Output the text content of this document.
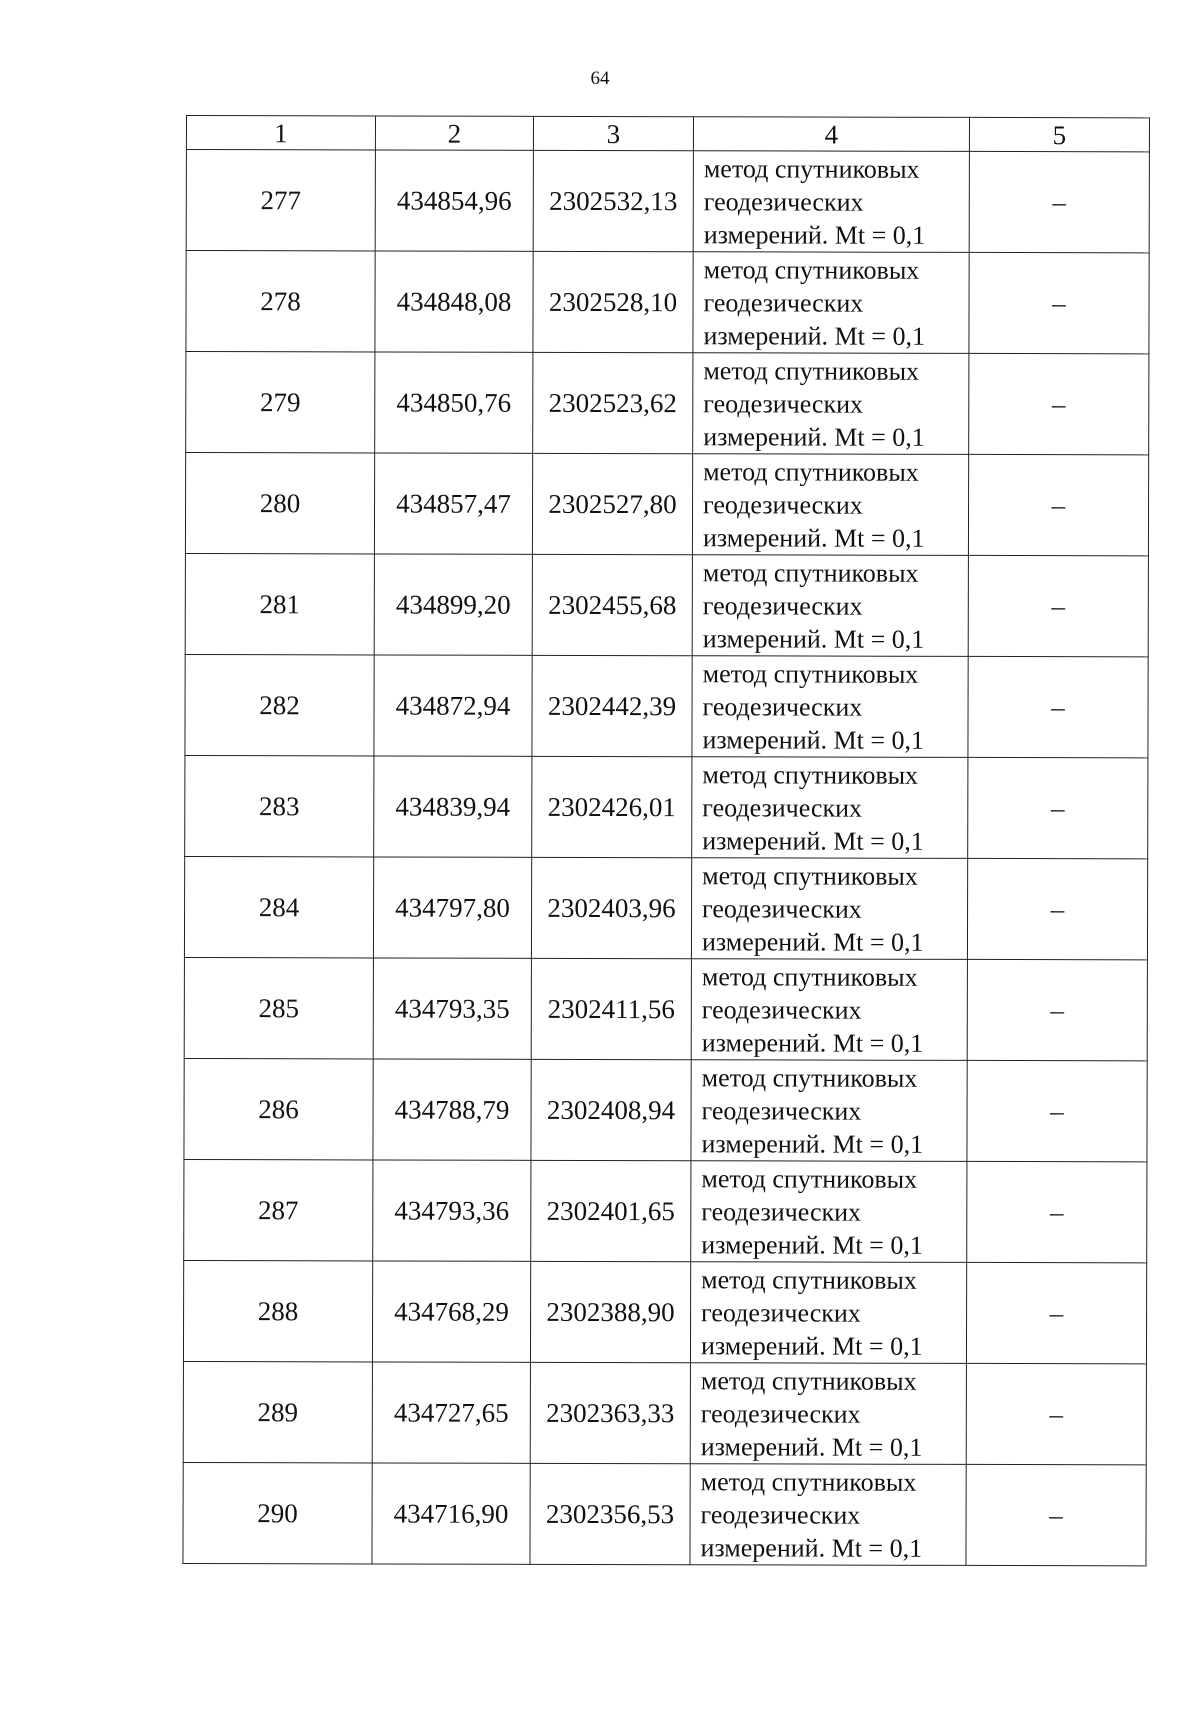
64
1	2	3	4	5
277	434854,96	2302532,13	метод спутниковых
геодезических
измерений. Mt = 0,1	–
278	434848,08	2302528,10	метод спутниковых
геодезических
измерений. Mt = 0,1	–
279	434850,76	2302523,62	метод спутниковых
геодезических
измерений. Mt = 0,1	–
280	434857,47	2302527,80	метод спутниковых
геодезических
измерений. Mt = 0,1	–
281	434899,20	2302455,68	метод спутниковых
геодезических
измерений. Mt = 0,1	–
282	434872,94	2302442,39	метод спутниковых
геодезических
измерений. Mt = 0,1	–
283	434839,94	2302426,01	метод спутниковых
геодезических
измерений. Mt = 0,1	–
284	434797,80	2302403,96	метод спутниковых
геодезических
измерений. Mt = 0,1	–
285	434793,35	2302411,56	метод спутниковых
геодезических
измерений. Mt = 0,1	–
286	434788,79	2302408,94	метод спутниковых
геодезических
измерений. Mt = 0,1	–
287	434793,36	2302401,65	метод спутниковых
геодезических
измерений. Mt = 0,1	–
288	434768,29	2302388,90	метод спутниковых
геодезических
измерений. Mt = 0,1	–
289	434727,65	2302363,33	метод спутниковых
геодезических
измерений. Mt = 0,1	–
290	434716,90	2302356,53	метод спутниковых
геодезических
измерений. Mt = 0,1	–
